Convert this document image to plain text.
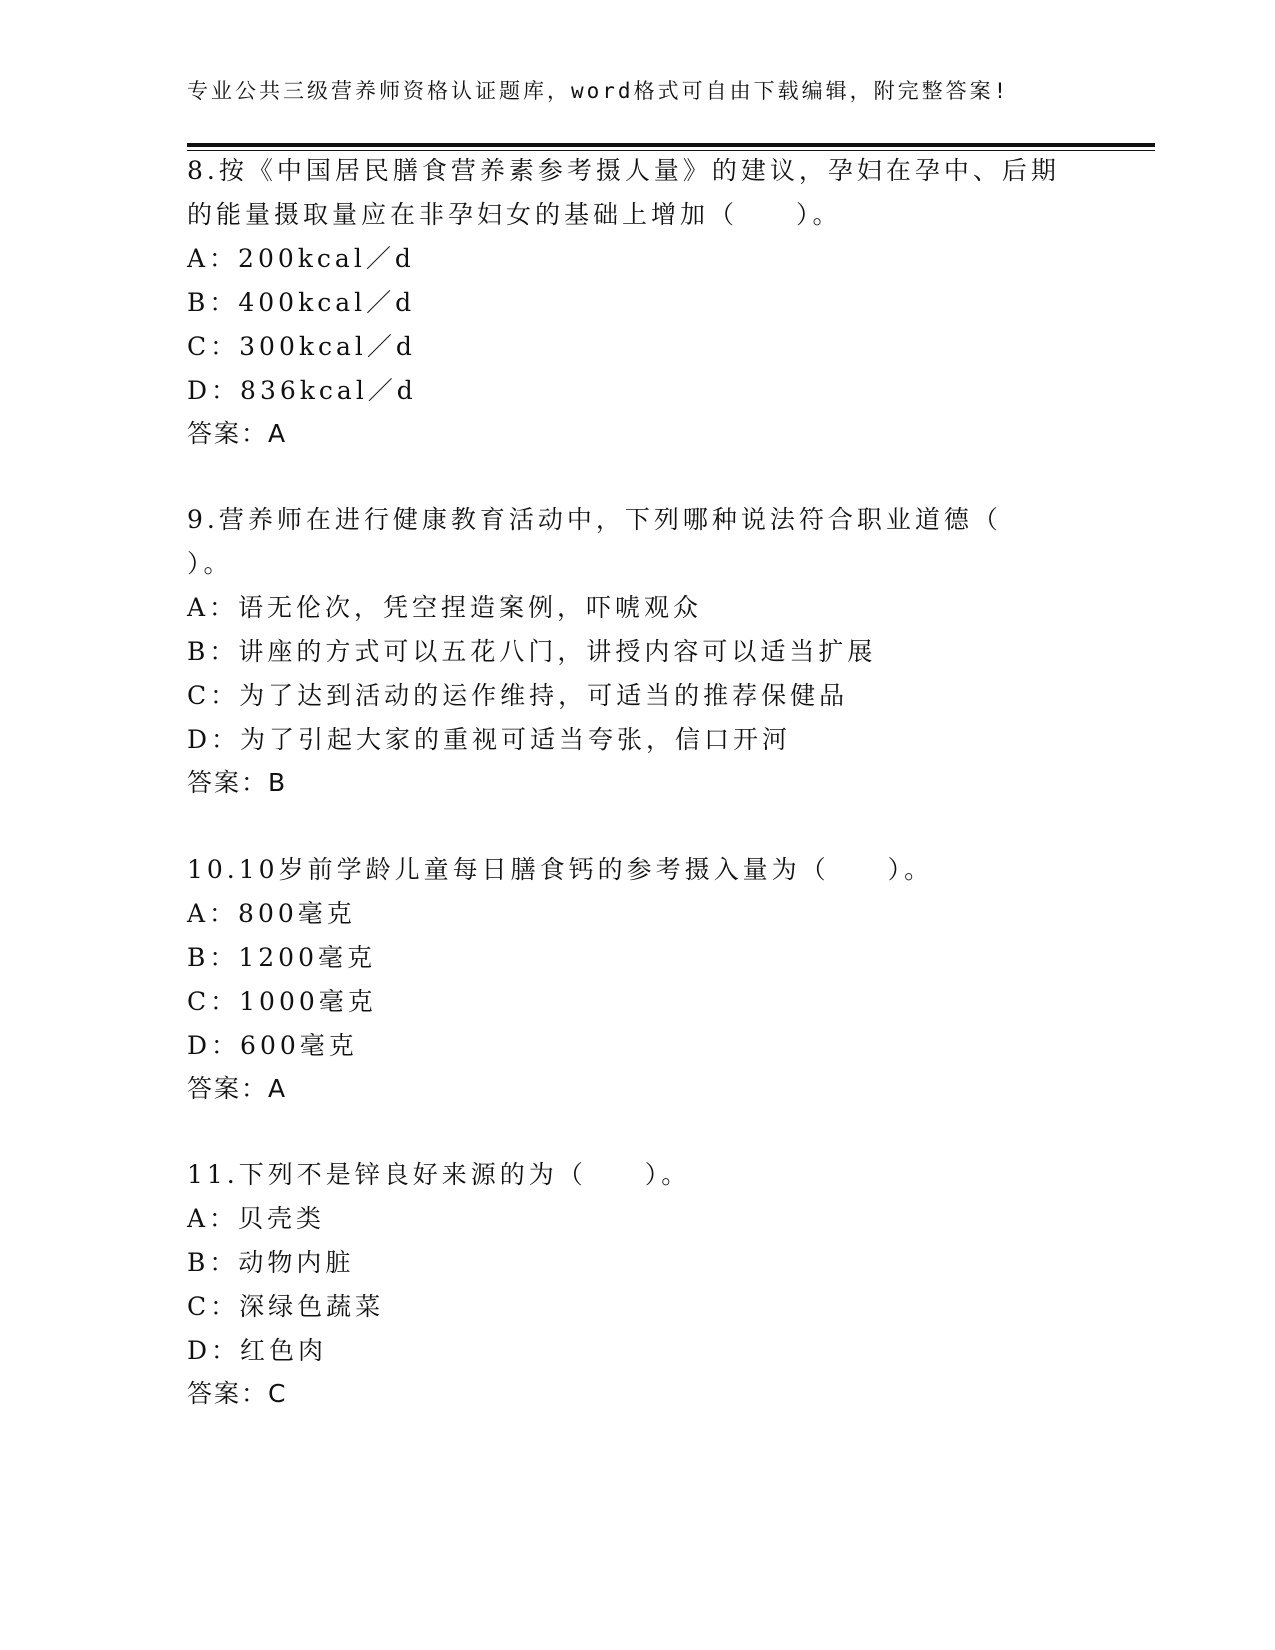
专业公共三级营养师资格认证题库，word格式可自由下载编辑，附完整答案!
8.按《中国居民膳食营养素参考摄人量》的建议，孕妇在孕中、后期
的能量摄取量应在非孕妇女的基础上增加（　　）。
A：200kcal／d
B：400kcal／d
C：300kcal／d
D：836kcal／d
答案：A
9.营养师在进行健康教育活动中，下列哪种说法符合职业道德（
）。
A：语无伦次，凭空捏造案例，吓唬观众
B：讲座的方式可以五花八门，讲授内容可以适当扩展
C：为了达到活动的运作维持，可适当的推荐保健品
D：为了引起大家的重视可适当夸张，信口开河
答案：B
10.10岁前学龄儿童每日膳食钙的参考摄入量为（　　）。
A：800毫克
B：1200毫克
C：1000毫克
D：600毫克
答案：A
11.下列不是锌良好来源的为（　　）。
A：贝壳类
B：动物内脏
C：深绿色蔬菜
D：红色肉
答案：C
